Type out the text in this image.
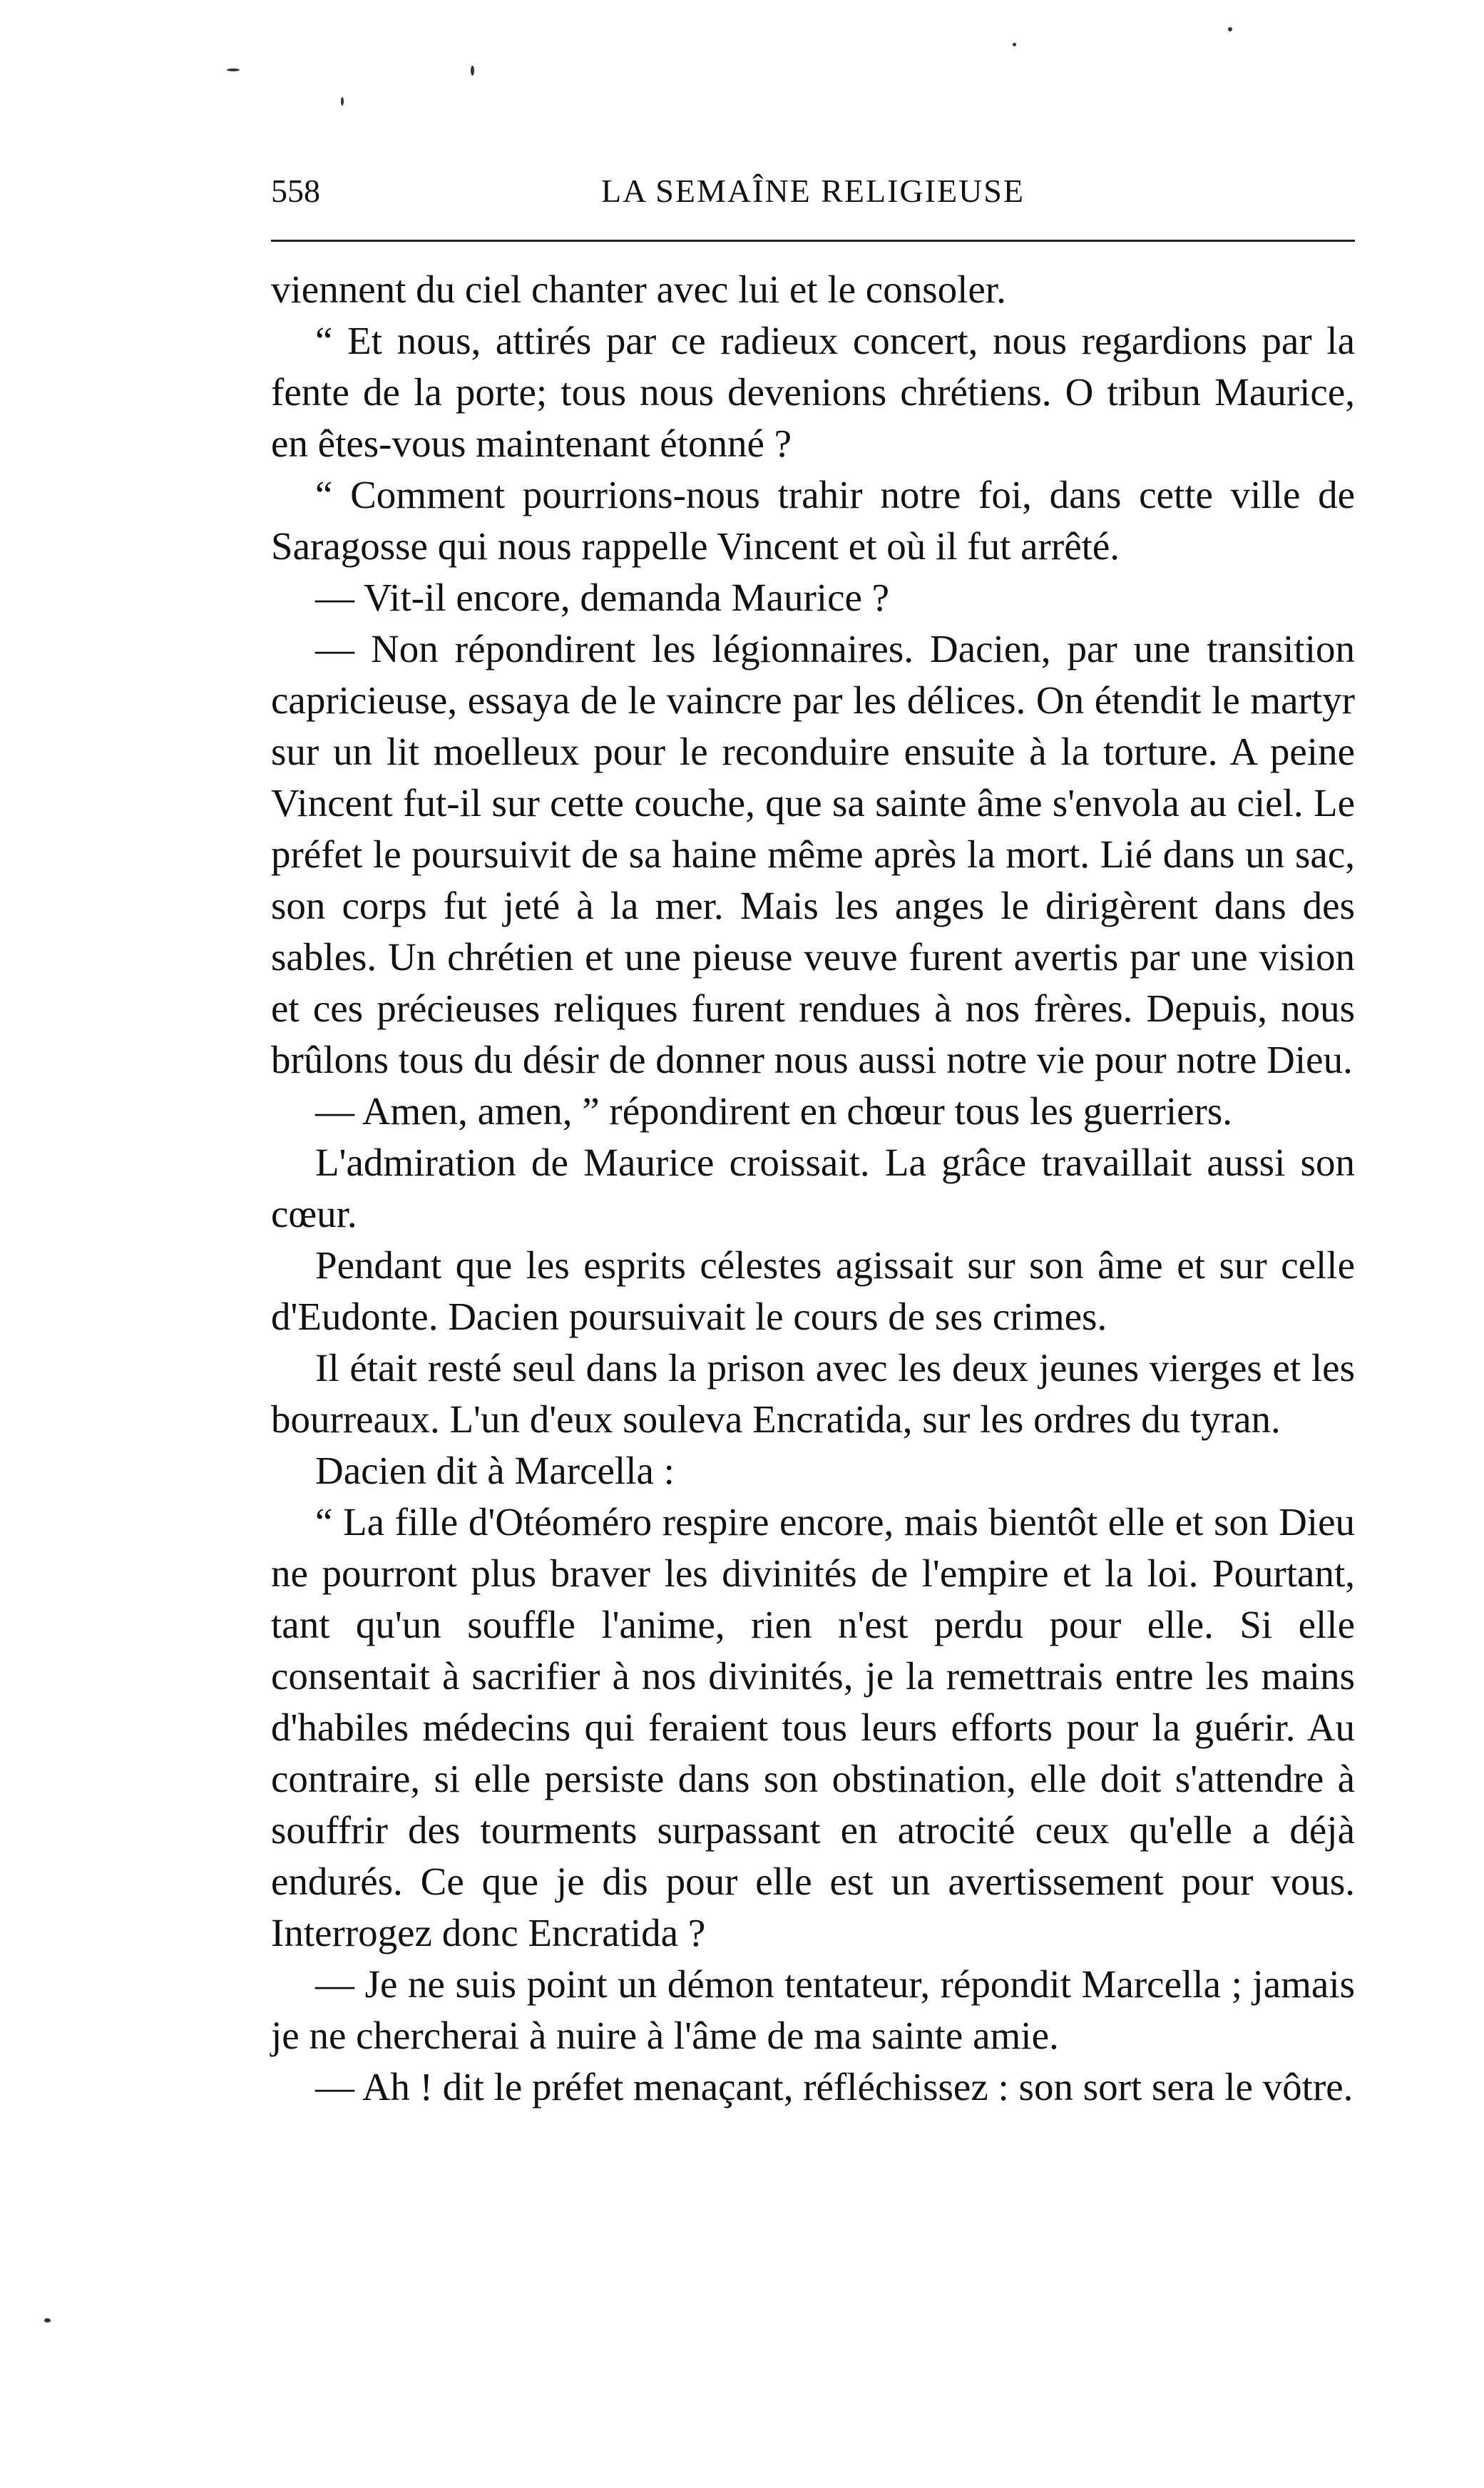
558	LA SEMAÎNE RELIGIEUSE

viennent du ciel chanter avec lui et le consoler.

“ Et nous, attirés par ce radieux concert, nous regardions par la fente de la porte; tous nous devenions chrétiens. O tribun Maurice, en êtes-vous maintenant étonné ?

“ Comment pourrions-nous trahir notre foi, dans cette ville de Saragosse qui nous rappelle Vincent et où il fut arrêté.

— Vit-il encore, demanda Maurice ?

— Non répondirent les légionnaires. Dacien, par une transition capricieuse, essaya de le vaincre par les délices. On étendit le martyr sur un lit moelleux pour le reconduire ensuite à la torture. A peine Vincent fut-il sur cette couche, que sa sainte âme s'envola au ciel. Le préfet le poursuivit de sa haine même après la mort. Lié dans un sac, son corps fut jeté à la mer. Mais les anges le dirigèrent dans des sables. Un chrétien et une pieuse veuve furent avertis par une vision et ces précieuses reliques furent rendues à nos frères. Depuis, nous brûlons tous du désir de donner nous aussi notre vie pour notre Dieu.

— Amen, amen, ” répondirent en chœur tous les guerriers.

L'admiration de Maurice croissait. La grâce travaillait aussi son cœur.

Pendant que les esprits célestes agissait sur son âme et sur celle d'Eudonte. Dacien poursuivait le cours de ses crimes.

Il était resté seul dans la prison avec les deux jeunes vierges et les bourreaux. L'un d'eux souleva Encratida, sur les ordres du tyran.

Dacien dit à Marcella :

“ La fille d'Otéoméro respire encore, mais bientôt elle et son Dieu ne pourront plus braver les divinités de l'empire et la loi. Pourtant, tant qu'un souffle l'anime, rien n'est perdu pour elle. Si elle consentait à sacrifier à nos divinités, je la remettrais entre les mains d'habiles médecins qui feraient tous leurs efforts pour la guérir. Au contraire, si elle persiste dans son obstination, elle doit s'attendre à souffrir des tourments surpassant en atrocité ceux qu'elle a déjà endurés. Ce que je dis pour elle est un avertissement pour vous. Interrogez donc Encratida ?

— Je ne suis point un démon tentateur, répondit Marcella ; jamais je ne chercherai à nuire à l'âme de ma sainte amie.

— Ah ! dit le préfet menaçant, réfléchissez : son sort sera le vôtre.
